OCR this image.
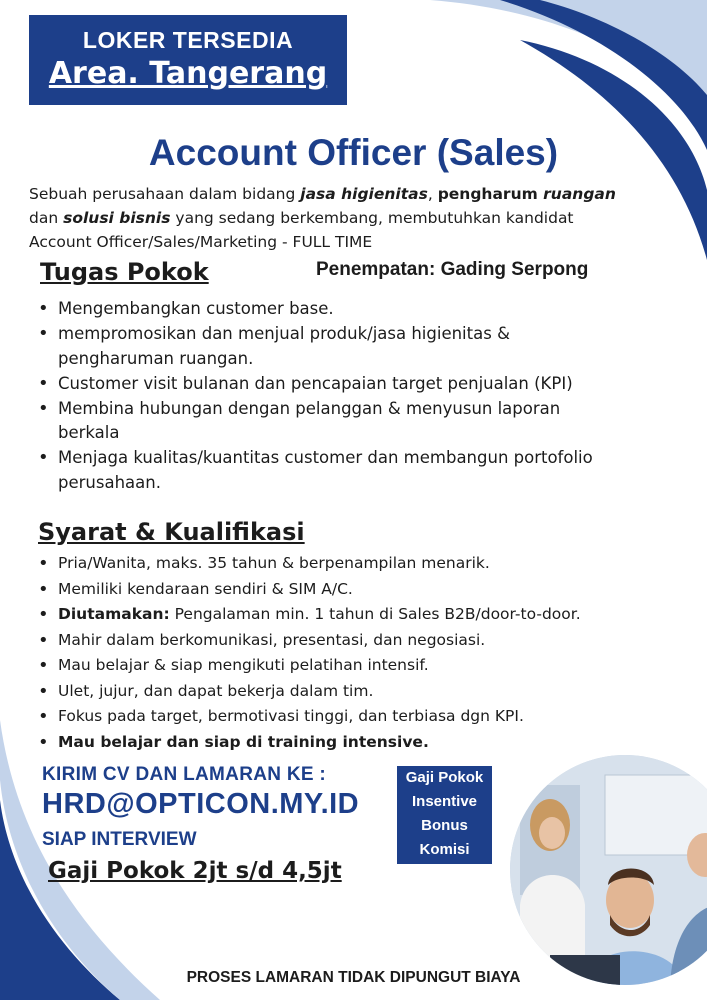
LOKER TERSEDIA
Area. Tangerang
Account Officer (Sales)
Sebuah perusahaan dalam bidang jasa higienitas, pengharum ruangan
dan solusi bisnis yang sedang berkembang, membutuhkan kandidat
Account Officer/Sales/Marketing - FULL TIME
Tugas Pokok	Penempatan: Gading Serpong
• Mengembangkan customer base.
• mempromosikan dan menjual produk/jasa higienitas & pengharuman ruangan.
• Customer visit bulanan dan pencapaian target penjualan (KPI)
• Membina hubungan dengan pelanggan & menyusun laporan berkala
• Menjaga kualitas/kuantitas customer dan membangun portofolio perusahaan.
Syarat & Kualifikasi
• Pria/Wanita, maks. 35 tahun & berpenampilan menarik.
• Memiliki kendaraan sendiri & SIM A/C.
• Diutamakan: Pengalaman min. 1 tahun di Sales B2B/door-to-door.
• Mahir dalam berkomunikasi, presentasi, dan negosiasi.
• Mau belajar & siap mengikuti pelatihan intensif.
• Ulet, jujur, dan dapat bekerja dalam tim.
• Fokus pada target, bermotivasi tinggi, dan terbiasa dgn KPI.
• Mau belajar dan siap di training intensive.
KIRIM CV DAN LAMARAN KE :
HRD@OPTICON.MY.ID
SIAP INTERVIEW
Gaji Pokok 2jt s/d 4,5jt
Gaji Pokok
Insentive
Bonus
Komisi
PROSES LAMARAN TIDAK DIPUNGUT BIAYA
